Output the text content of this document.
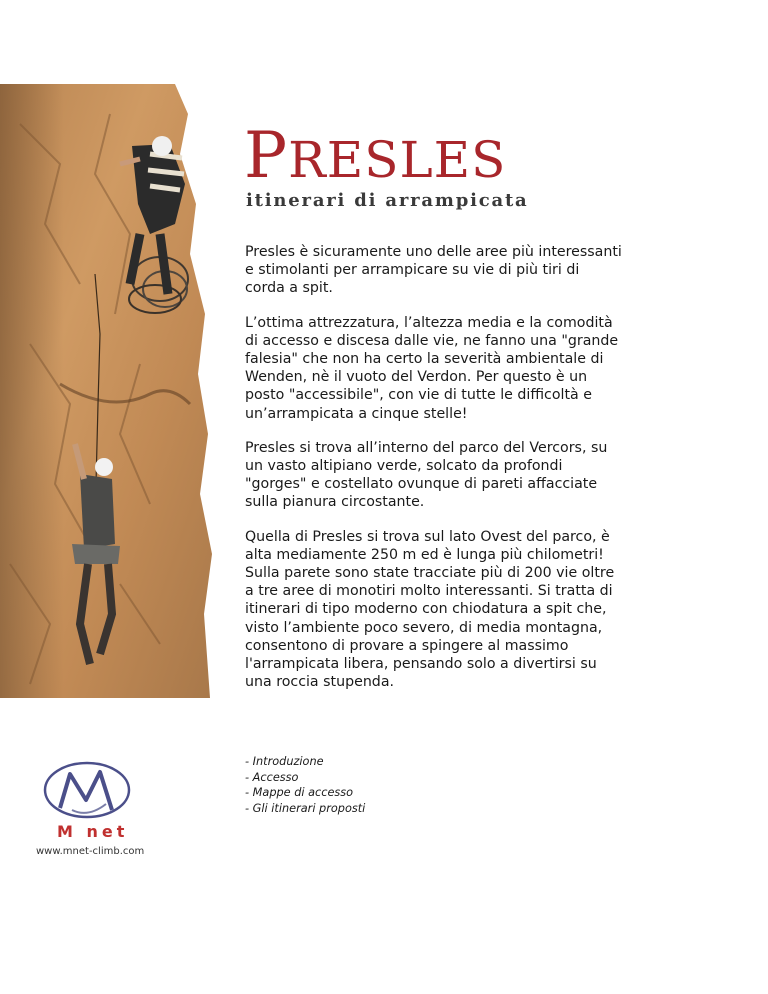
PRESLES
itinerari di arrampicata

Presles è sicuramente uno delle aree più interessanti e stimolanti per arrampicare su vie di più tiri di corda a spit.

L’ottima attrezzatura, l’altezza media e la comodità di accesso e discesa dalle vie, ne fanno una "grande falesia" che non ha certo la severità ambientale di Wenden, nè il vuoto del Verdon. Per questo è un posto "accessibile", con vie di tutte le difficoltà e un’arrampicata a cinque stelle!

Presles si trova all’interno del parco del Vercors, su un vasto altipiano verde, solcato da profondi "gorges" e costellato ovunque di pareti affacciate sulla pianura circostante.

Quella di Presles si trova sul lato Ovest del parco, è alta mediamente 250 m ed è lunga più chilometri! Sulla parete sono state tracciate più di 200 vie oltre a tre aree di monotiri molto interessanti. Si tratta di itinerari di tipo moderno con chiodatura a spit che, visto l’ambiente poco severo, di media montagna, consentono di provare a spingere al massimo l'arrampicata libera, pensando solo a divertirsi su una roccia stupenda.

- Introduzione
- Accesso
- Mappe di accesso
- Gli itinerari proposti
M net
www.mnet-climb.com
